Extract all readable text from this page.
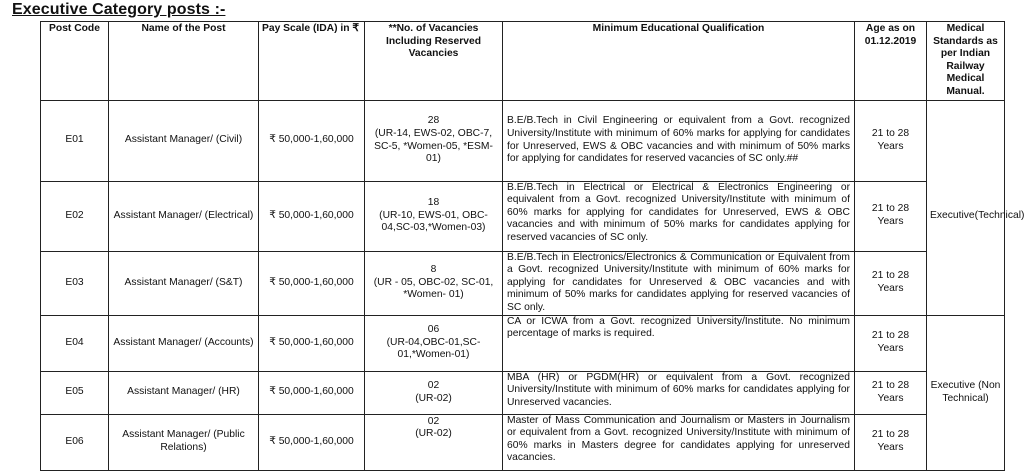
Executive Category posts :-
Post Code	Name of the Post	Pay Scale (IDA) in ₹	**No. of Vacancies Including Reserved Vacancies	Minimum Educational Qualification	Age as on 01.12.2019	Medical Standards as per Indian Railway Medical Manual.
E01	Assistant Manager/ (Civil)	₹ 50,000-1,60,000	28
(UR-14, EWS-02, OBC-7, SC-5, *Women-05, *ESM- 01)	B.E/B.Tech in Civil Engineering or equivalent from a Govt. recognized University/Institute with minimum of 60% marks for applying for candidates for Unreserved, EWS & OBC vacancies and with minimum of 50% marks for applying for candidates for reserved vacancies of SC only.##	21 to 28 Years	
E02	Assistant Manager/ (Electrical)	₹ 50,000-1,60,000	18
(UR-10, EWS-01, OBC-04,SC-03,*Women-03)	B.E/B.Tech in Electrical or Electrical & Electronics Engineering or equivalent from a Govt. recognized University/Institute with minimum of 60% marks for applying for candidates for Unreserved, EWS & OBC vacancies and with minimum of 50% marks for candidates applying for reserved vacancies of SC only.	21 to 28 Years	Executive(Technical)
E03	Assistant Manager/ (S&T)	₹ 50,000-1,60,000	8
(UR - 05, OBC-02, SC-01, *Women- 01)	B.E/B.Tech in Electronics/Electronics & Communication or Equivalent from a Govt. recognized University/Institute with minimum of 60% marks for applying for candidates for Unreserved & OBC vacancies and with minimum of 50% marks for candidates applying for reserved vacancies of SC only.	21 to 28 Years	
E04	Assistant Manager/ (Accounts)	₹ 50,000-1,60,000	06
(UR-04,OBC-01,SC-01,*Women-01)	CA or ICWA from a Govt. recognized University/Institute. No minimum percentage of marks is required.	21 to 28 Years	
E05	Assistant Manager/ (HR)	₹ 50,000-1,60,000	02
(UR-02)	MBA (HR) or PGDM(HR) or equivalent from a Govt. recognized University/Institute with minimum of 60% marks for candidates applying for Unreserved vacancies.	21 to 28 Years	Executive (Non Technical)
E06	Assistant Manager/ (Public Relations)	₹ 50,000-1,60,000	02
(UR-02)	Master of Mass Communication and Journalism or Masters in Journalism or equivalent from a Govt. recognized University/Institute with minimum of 60% marks in Masters degree for candidates applying for unreserved vacancies.	21 to 28 Years	
